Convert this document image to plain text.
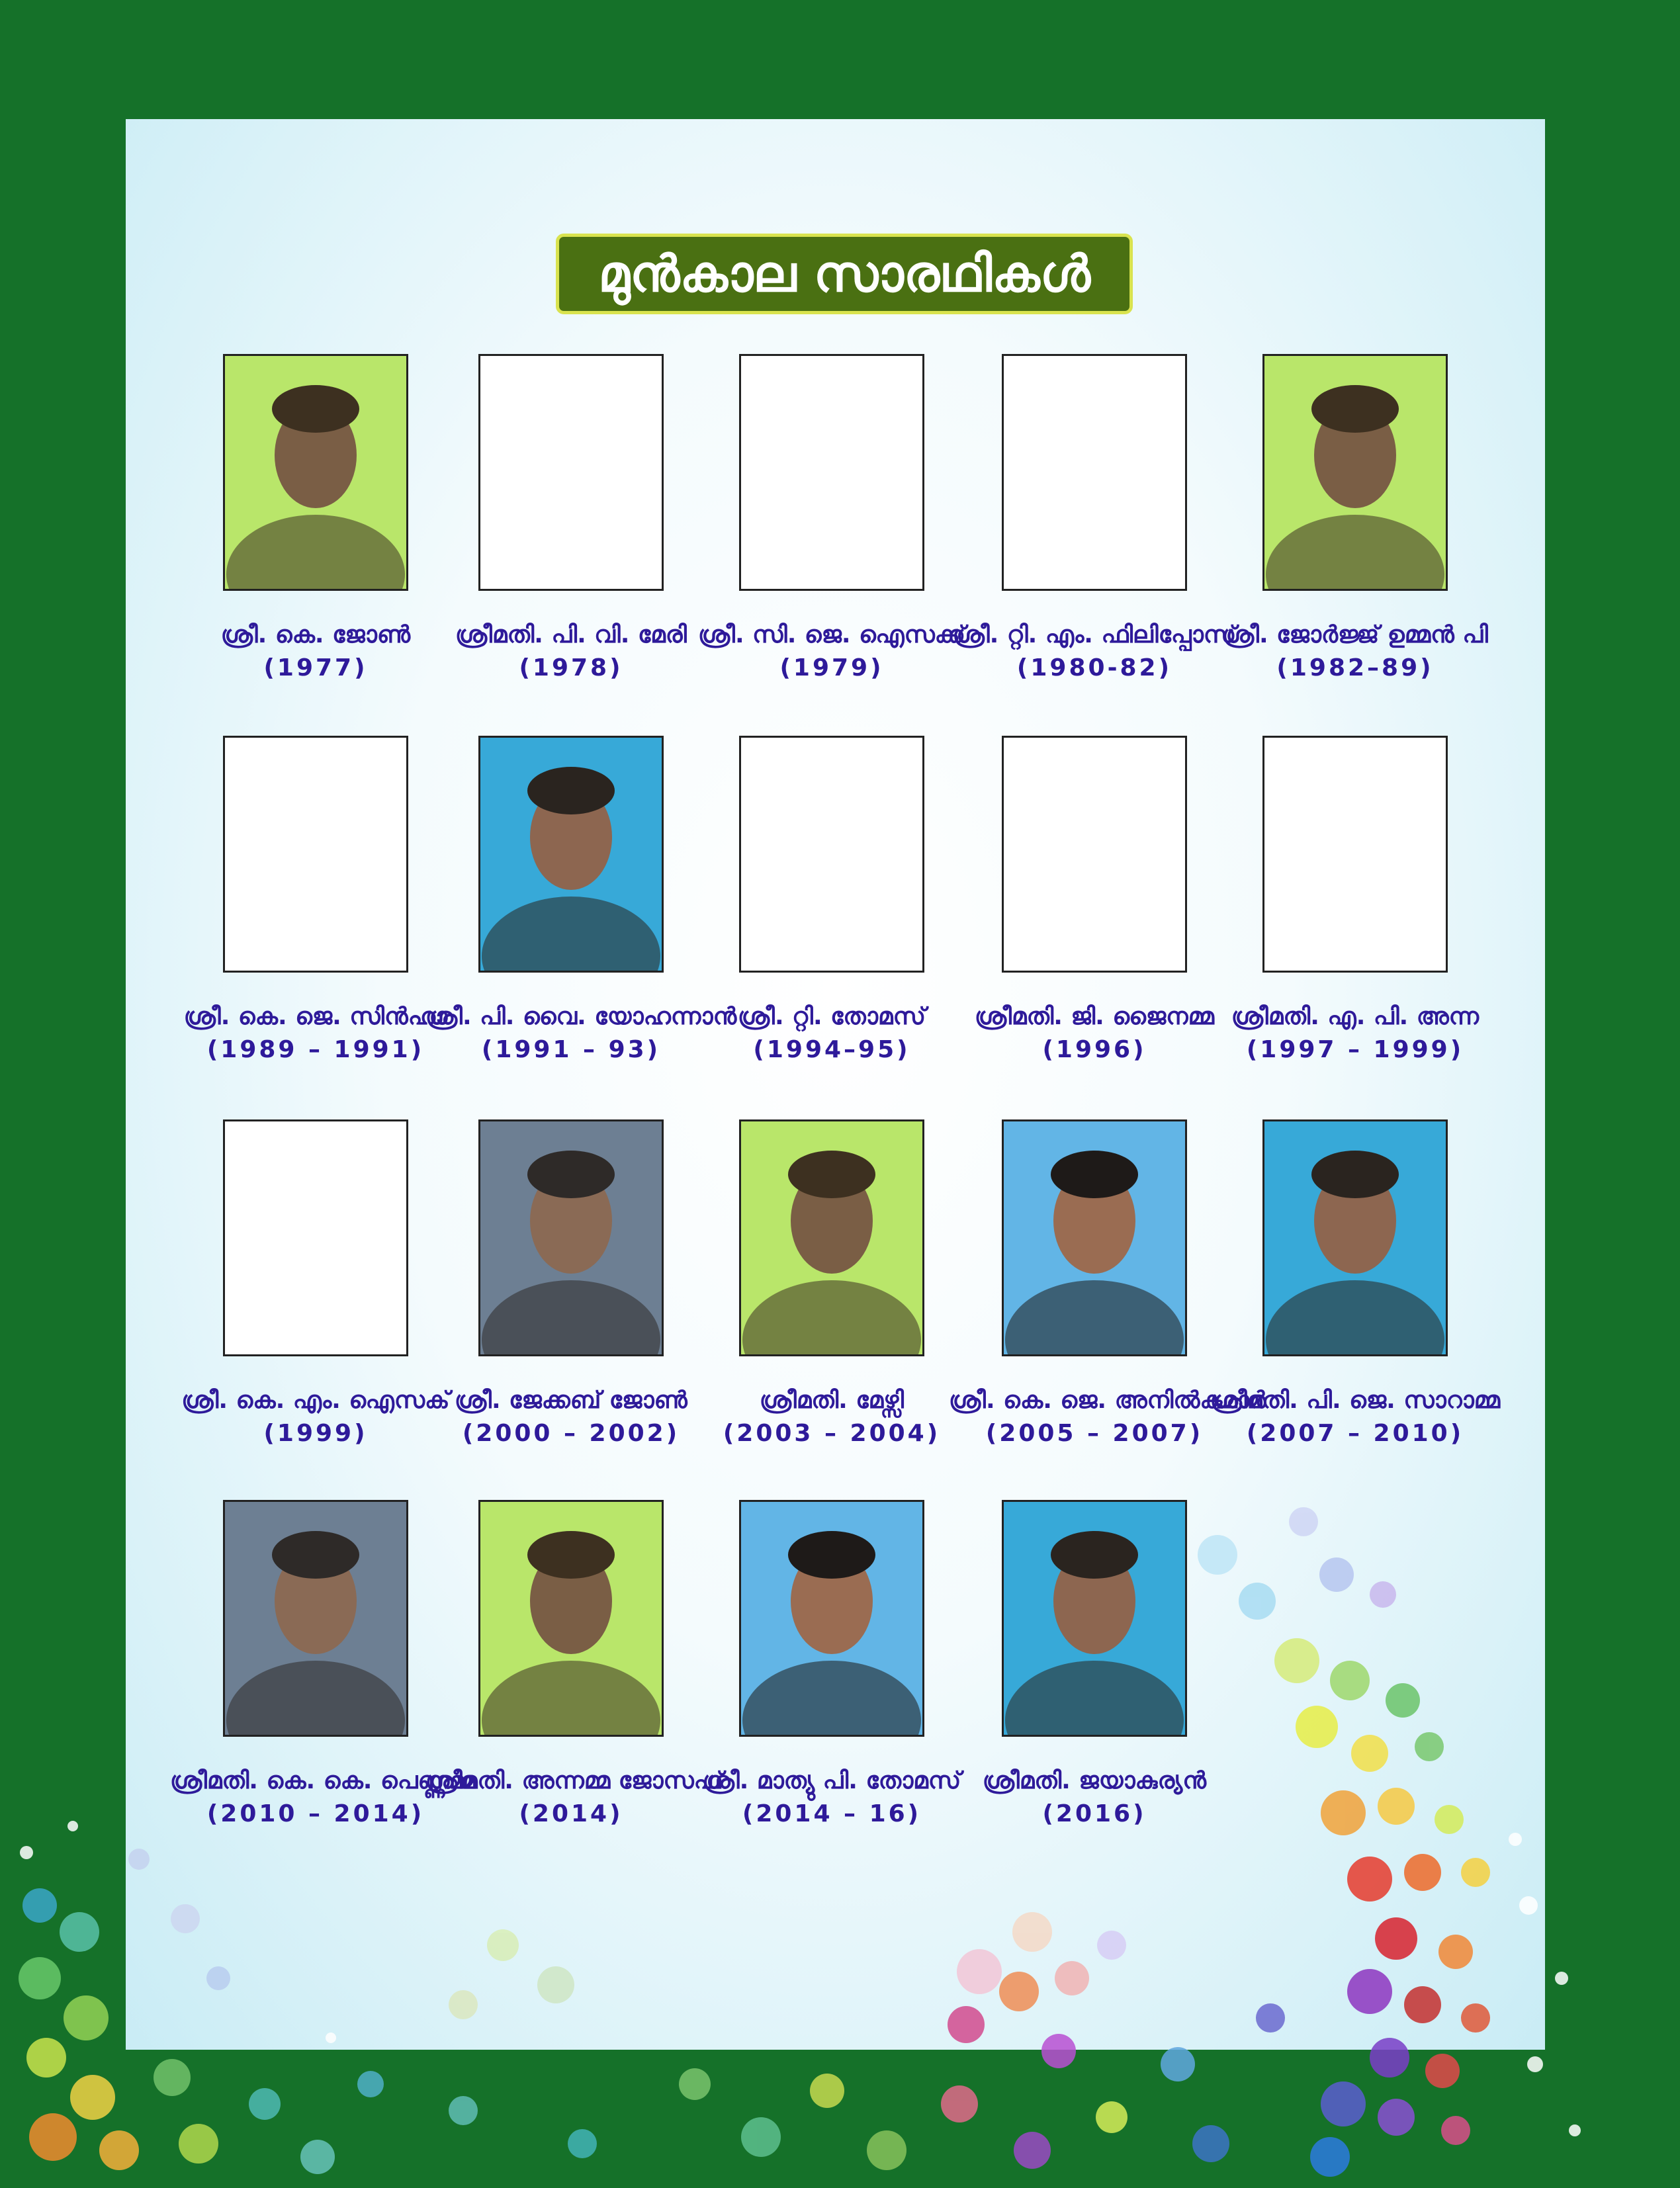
മുൻകാല സാരഥികൾ
ശ്രീ. കെ. ജോൺ
(1977)
ശ്രീമതി. പി. വി. മേരി
(1978)
ശ്രീ. സി. ജെ. ഐസക്ക്
(1979)
ശ്രീ. റ്റി. എം. ഫിലിപ്പോസ്
(1980-82)
ശ്രീ. ജോർജ്ജ് ഉമ്മൻ പി
(1982–89)
ശ്രീ. കെ. ജെ. സിൻഹാ
(1989 – 1991)
ശ്രീ. പി. വൈ. യോഹന്നാൻ
(1991 – 93)
ശ്രീ. റ്റി. തോമസ്
(1994–95)
ശ്രീമതി. ജി. ജൈനമ്മ
(1996)
ശ്രീമതി. എ. പി. അന്ന
(1997 – 1999)
ശ്രീ. കെ. എം. ഐസക്
(1999)
ശ്രീ. ജേക്കബ് ജോൺ
(2000 – 2002)
ശ്രീമതി. മേഴ്സി
(2003 – 2004)
ശ്രീ. കെ. ജെ. അനിൽകുമാർ
(2005 – 2007)
ശ്രീമതി. പി. ജെ. സാറാമ്മ
(2007 – 2010)
ശ്രീമതി. കെ. കെ. പെണ്ണമ്മ
(2010 – 2014)
ശ്രീമതി. അന്നമ്മ ജോസഫ്
(2014)
ശ്രീ. മാത്യു പി. തോമസ്
(2014 – 16)
ശ്രീമതി. ജയാകുര്യൻ
(2016)
